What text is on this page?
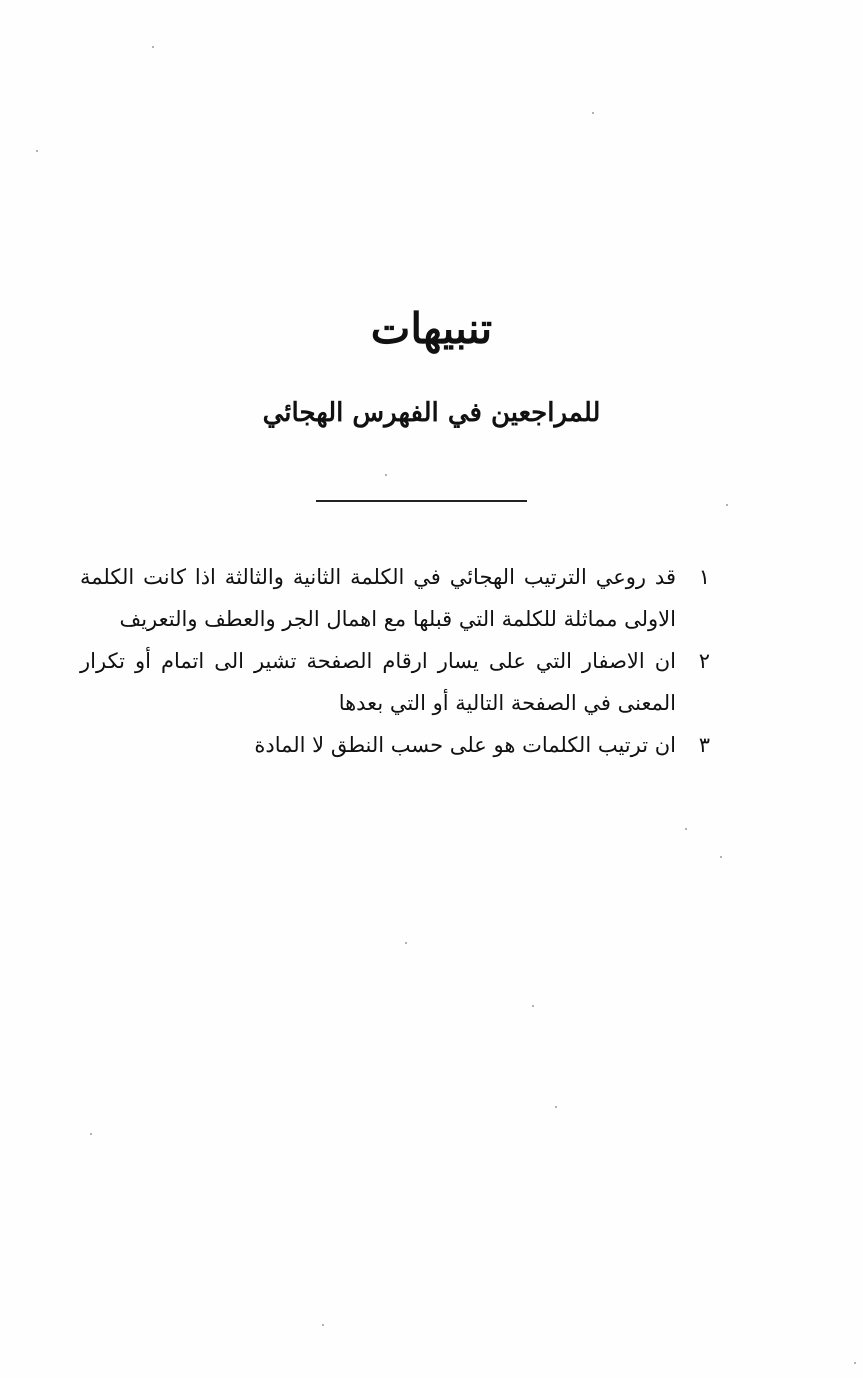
تنبيهات
للمراجعين في الفهرس الهجائي
١
قد روعي الترتيب الهجائي في الكلمة الثانية والثالثة اذا كانت الكلمة الاولى مماثلة للكلمة التي قبلها مع اهمال الجر والعطف والتعريف
٢
ان الاصفار التي على يسار ارقام الصفحة تشير الى اتمام أو تكرار المعنى في الصفحة التالية أو التي بعدها
٣
ان ترتيب الكلمات هو على حسب النطق لا المادة
